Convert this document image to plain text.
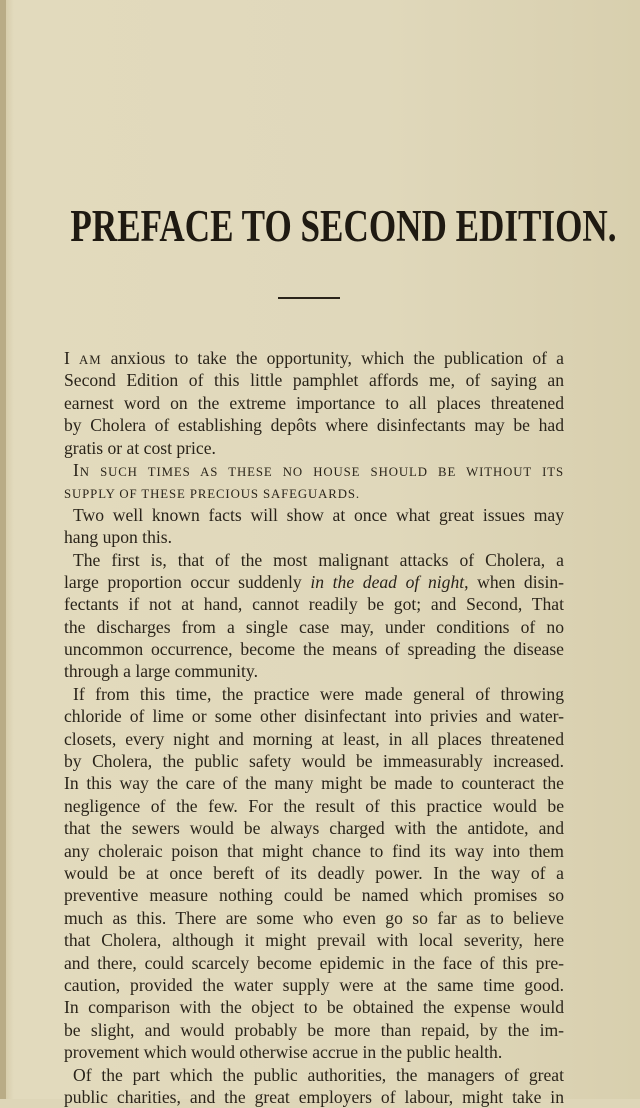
PREFACE TO SECOND EDITION.
I AM anxious to take the opportunity, which the publication of a
Second Edition of this little pamphlet affords me, of saying an
earnest word on the extreme importance to all places threatened
by Cholera of establishing depôts where disinfectants may be had
gratis or at cost price.
IN SUCH TIMES AS THESE NO HOUSE SHOULD BE WITHOUT ITS
SUPPLY OF THESE PRECIOUS SAFEGUARDS.
Two well known facts will show at once what great issues may
hang upon this.
The first is, that of the most malignant attacks of Cholera, a
large proportion occur suddenly in the dead of night, when disin-
fectants if not at hand, cannot readily be got; and Second, That
the discharges from a single case may, under conditions of no
uncommon occurrence, become the means of spreading the disease
through a large community.
If from this time, the practice were made general of throwing
chloride of lime or some other disinfectant into privies and water-
closets, every night and morning at least, in all places threatened
by Cholera, the public safety would be immeasurably increased.
In this way the care of the many might be made to counteract the
negligence of the few. For the result of this practice would be
that the sewers would be always charged with the antidote, and
any choleraic poison that might chance to find its way into them
would be at once bereft of its deadly power. In the way of a
preventive measure nothing could be named which promises so
much as this. There are some who even go so far as to believe
that Cholera, although it might prevail with local severity, here
and there, could scarcely become epidemic in the face of this pre-
caution, provided the water supply were at the same time good.
In comparison with the object to be obtained the expense would
be slight, and would probably be more than repaid, by the im-
provement which would otherwise accrue in the public health.
Of the part which the public authorities, the managers of great
public charities, and the great employers of labour, might take in
